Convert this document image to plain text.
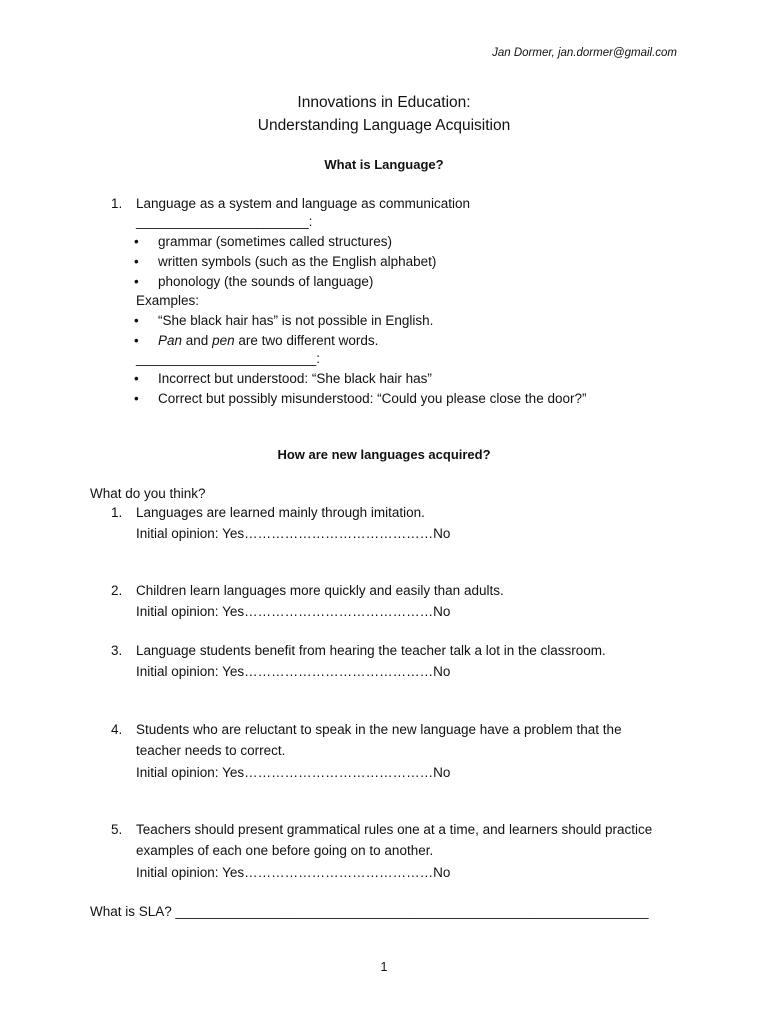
Jan Dormer, jan.dormer@gmail.com
Innovations in Education:
Understanding Language Acquisition
What is Language?
1. Language as a system and language as communication
_______________________:
• grammar (sometimes called structures)
• written symbols (such as the English alphabet)
• phonology (the sounds of language)
Examples:
• “She black hair has” is not possible in English.
• Pan and pen are two different words.
________________________:
• Incorrect but understood: “She black hair has”
• Correct but possibly misunderstood: “Could you please close the door?”
How are new languages acquired?
What do you think?
1. Languages are learned mainly through imitation.
Initial opinion: Yes……………………………………No
2. Children learn languages more quickly and easily than adults.
Initial opinion: Yes……………………………………No
3. Language students benefit from hearing the teacher talk a lot in the classroom.
Initial opinion: Yes……………………………………No
4. Students who are reluctant to speak in the new language have a problem that the
teacher needs to correct.
Initial opinion: Yes……………………………………No
5. Teachers should present grammatical rules one at a time, and learners should practice
examples of each one before going on to another.
Initial opinion: Yes……………………………………No
What is SLA? _______________________________________________________________
1
